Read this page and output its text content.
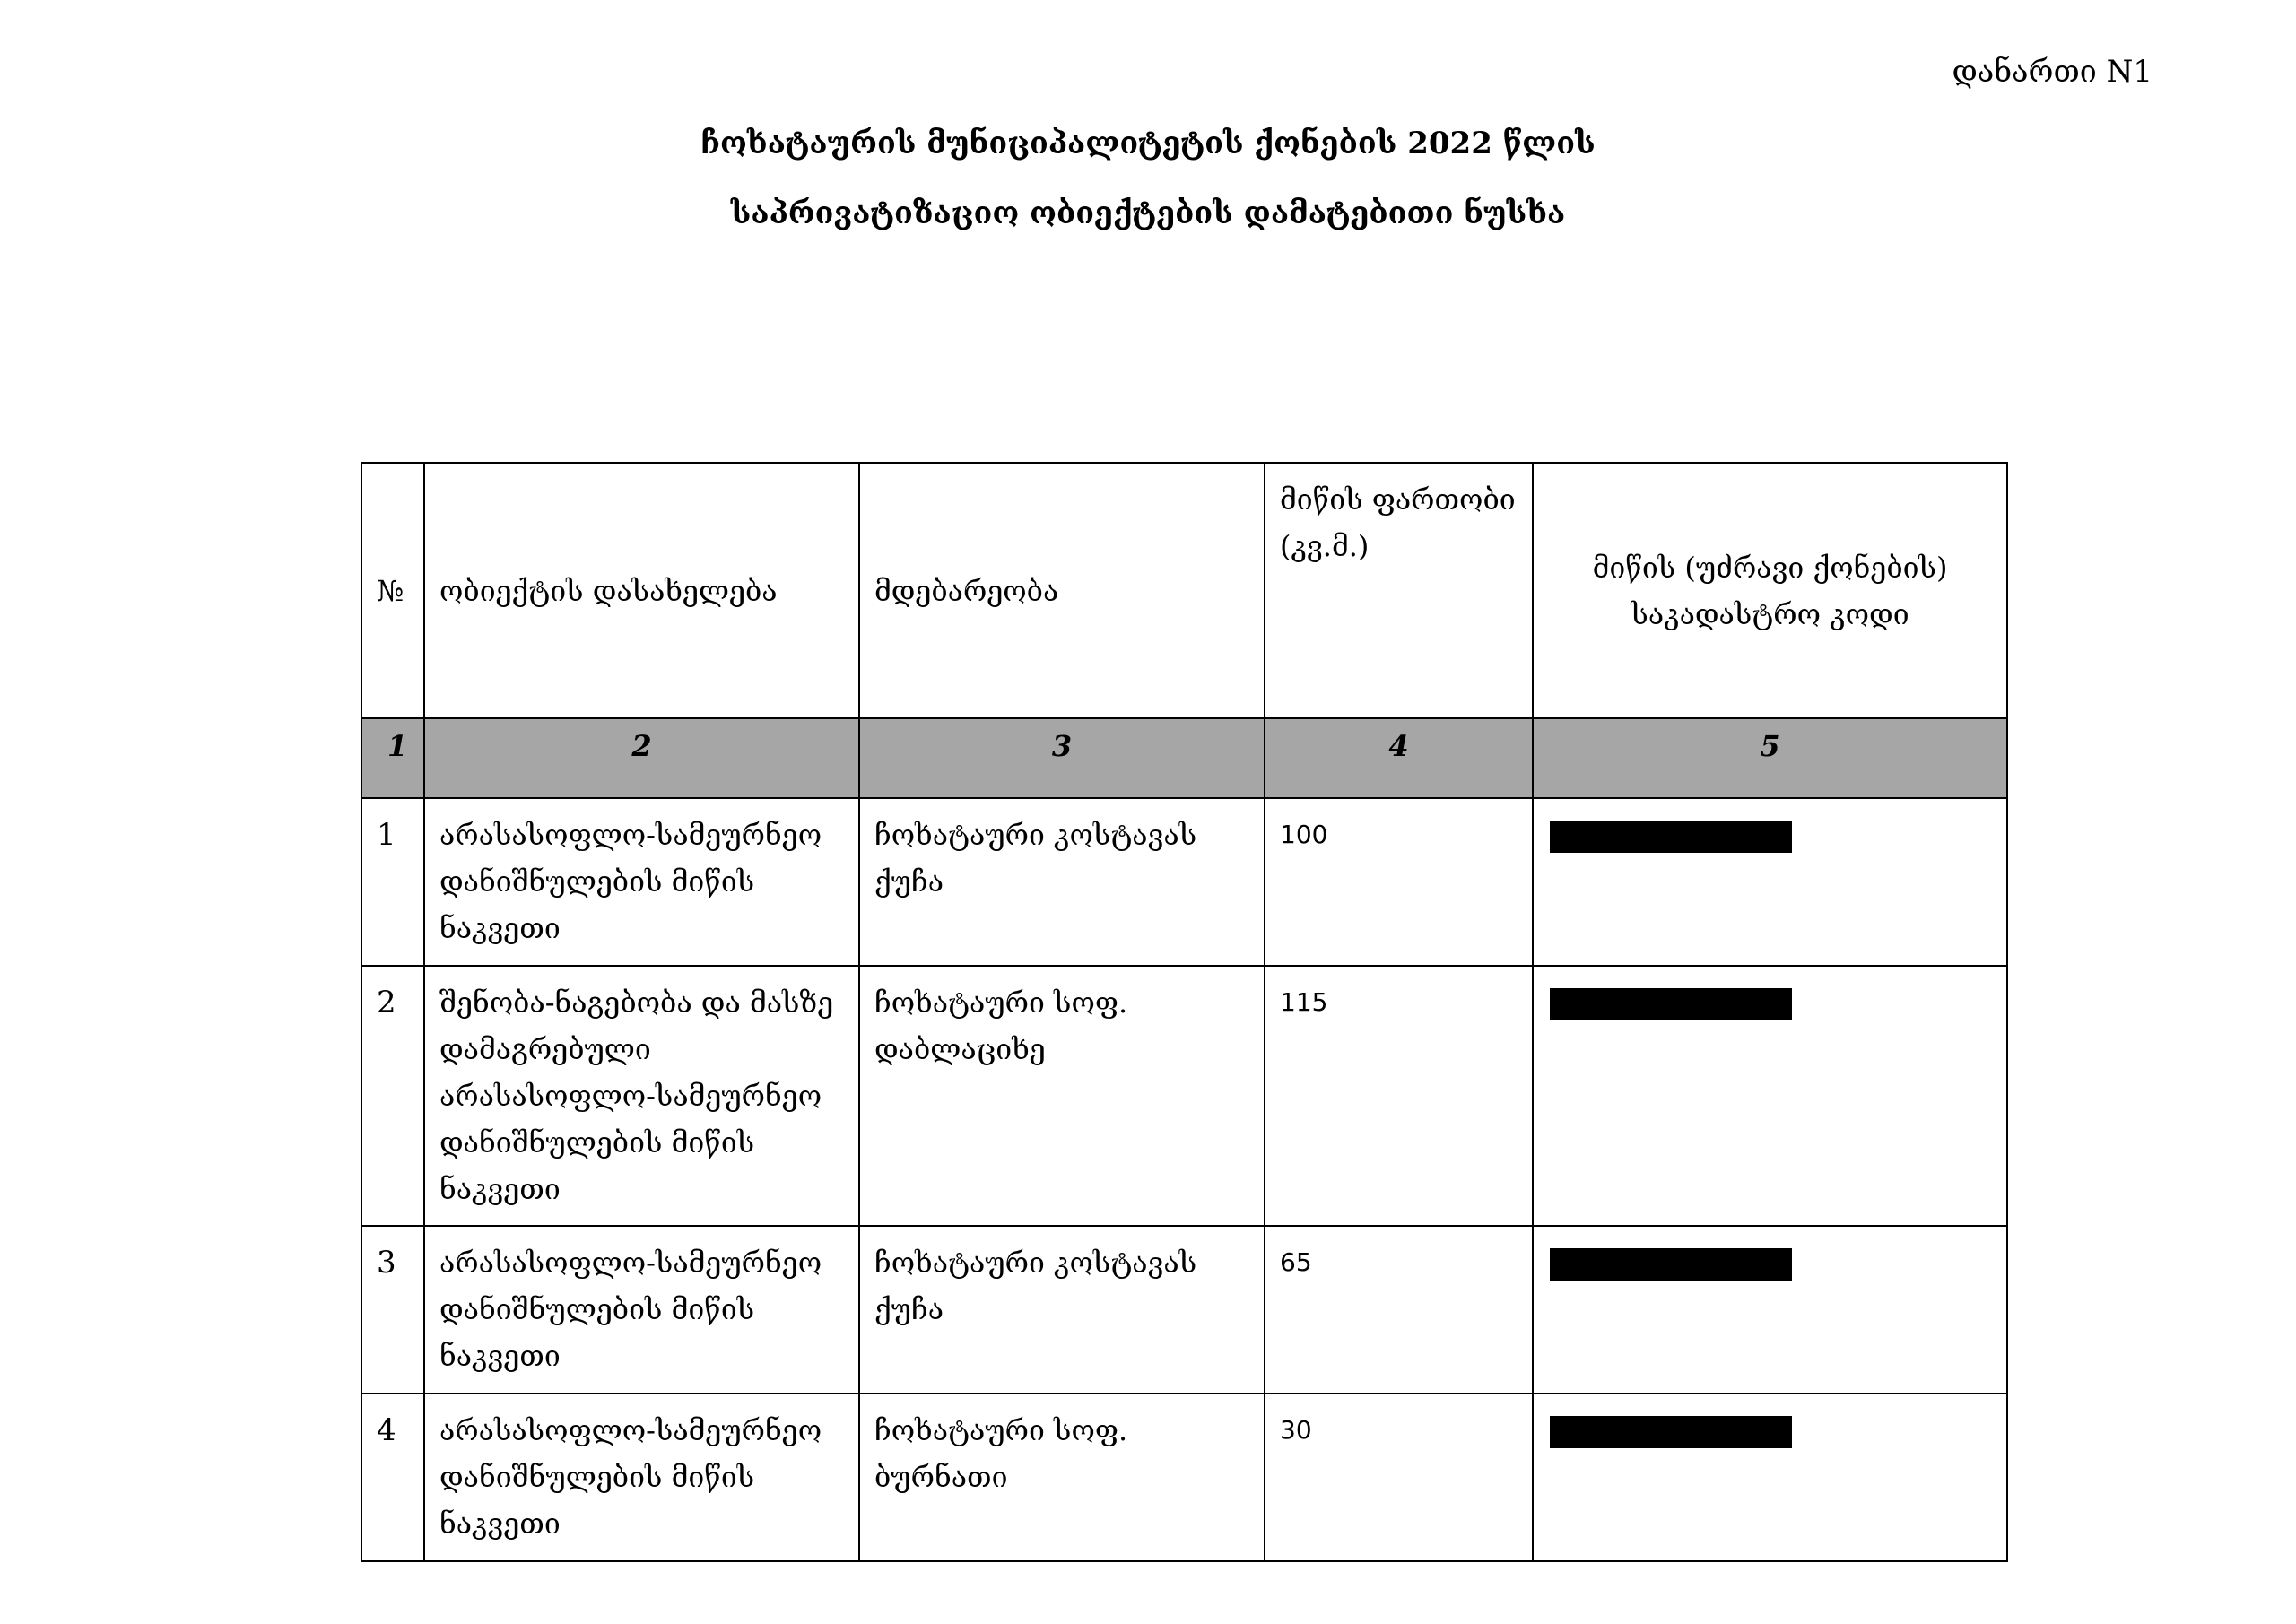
დანართი N1
ჩოხატაურის მუნიციპალიტეტის ქონების 2022 წლის
საპრივატიზაციო ობიექტების დამატებითი ნუსხა
№	ობიექტის დასახელება	მდებარეობა	მიწის ფართობი (კვ.მ.)	მიწის (უძრავი ქონების) საკადასტრო კოდი
1	2	3	4	5
1	არასასოფლო-სამეურნეო დანიშნულების მიწის ნაკვეთი	ჩოხატაური კოსტავას ქუჩა	100	

2	შენობა-ნაგებობა და მასზე დამაგრებული არასასოფლო-სამეურნეო დანიშნულების მიწის ნაკვეთი	ჩოხატაური სოფ. დაბლაციხე	115	

3	არასასოფლო-სამეურნეო დანიშნულების მიწის ნაკვეთი	ჩოხატაური კოსტავას ქუჩა	65	

4	არასასოფლო-სამეურნეო დანიშნულების მიწის ნაკვეთი	ჩოხატაური სოფ. ბურნათი	30	
